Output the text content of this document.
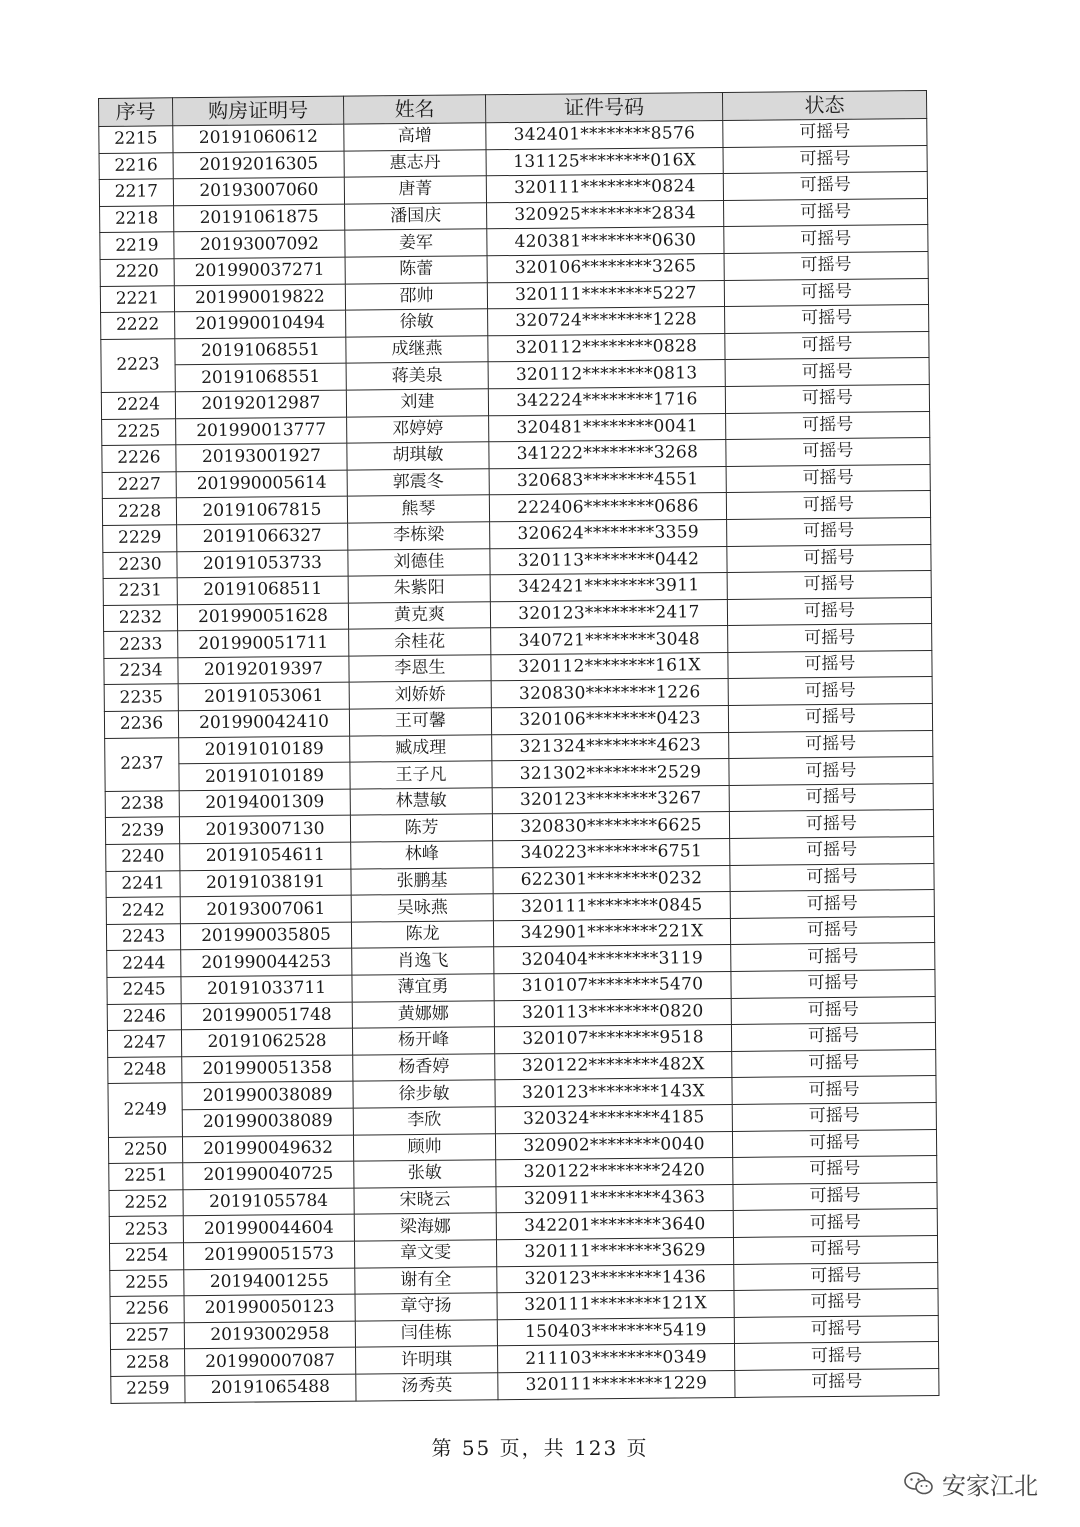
序号	购房证明号	姓名	证件号码	状态
2215	20191060612	高增	342401********8576	可摇号
2216	20192016305	惠志丹	131125********016X	可摇号
2217	20193007060	唐菁	320111********0824	可摇号
2218	20191061875	潘国庆	320925********2834	可摇号
2219	20193007092	姜军	420381********0630	可摇号
2220	201990037271	陈蕾	320106********3265	可摇号
2221	201990019822	邵帅	320111********5227	可摇号
2222	201990010494	徐敏	320724********1228	可摇号
2223	20191068551	成继燕	320112********0828	可摇号
	20191068551	蒋美泉	320112********0813	可摇号
2224	20192012987	刘建	342224********1716	可摇号
2225	201990013777	邓婷婷	320481********0041	可摇号
2226	20193001927	胡琪敏	341222********3268	可摇号
2227	201990005614	郭震冬	320683********4551	可摇号
2228	20191067815	熊琴	222406********0686	可摇号
2229	20191066327	李栋梁	320624********3359	可摇号
2230	20191053733	刘德佳	320113********0442	可摇号
2231	20191068511	朱紫阳	342421********3911	可摇号
2232	201990051628	黄克爽	320123********2417	可摇号
2233	201990051711	余桂花	340721********3048	可摇号
2234	20192019397	李恩生	320112********161X	可摇号
2235	20191053061	刘娇娇	320830********1226	可摇号
2236	201990042410	王可馨	320106********0423	可摇号
2237	20191010189	臧成理	321324********4623	可摇号
	20191010189	王子凡	321302********2529	可摇号
2238	20194001309	林慧敏	320123********3267	可摇号
2239	20193007130	陈芳	320830********6625	可摇号
2240	20191054611	林峰	340223********6751	可摇号
2241	20191038191	张鹏基	622301********0232	可摇号
2242	20193007061	吴咏燕	320111********0845	可摇号
2243	201990035805	陈龙	342901********221X	可摇号
2244	201990044253	肖逸飞	320404********3119	可摇号
2245	20191033711	薄宜勇	310107********5470	可摇号
2246	201990051748	黄娜娜	320113********0820	可摇号
2247	20191062528	杨开峰	320107********9518	可摇号
2248	201990051358	杨香婷	320122********482X	可摇号
2249	201990038089	徐步敏	320123********143X	可摇号
	201990038089	李欣	320324********4185	可摇号
2250	201990049632	顾帅	320902********0040	可摇号
2251	201990040725	张敏	320122********2420	可摇号
2252	20191055784	宋晓云	320911********4363	可摇号
2253	201990044604	梁海娜	342201********3640	可摇号
2254	201990051573	章文雯	320111********3629	可摇号
2255	20194001255	谢有全	320123********1436	可摇号
2256	201990050123	章守扬	320111********121X	可摇号
2257	20193002958	闫佳栋	150403********5419	可摇号
2258	201990007087	许明琪	211103********0349	可摇号
2259	20191065488	汤秀英	320111********1229	可摇号
第 55 页，共 123 页
安家江北
